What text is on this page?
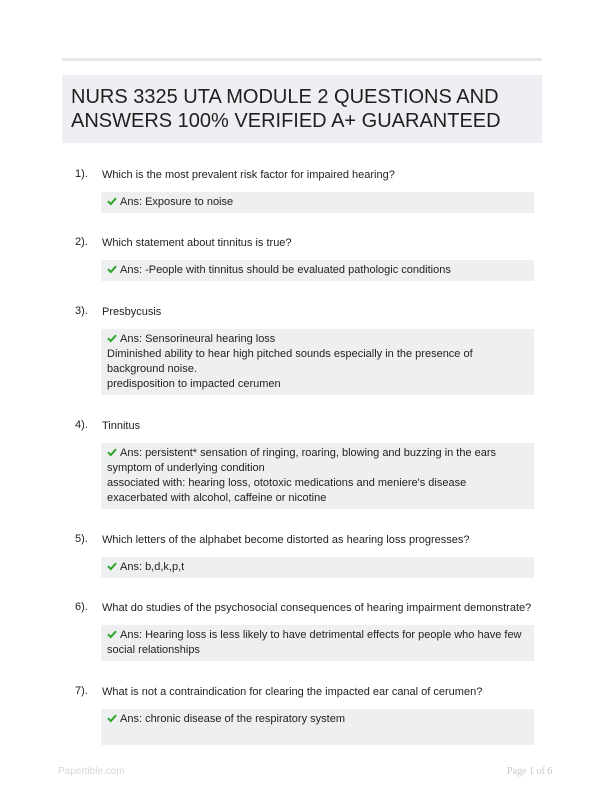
NURS 3325 UTA MODULE 2 QUESTIONS AND ANSWERS 100% VERIFIED A+ GUARANTEED
1). Which is the most prevalent risk factor for impaired hearing?
Ans: Exposure to noise
2). Which statement about tinnitus is true?
Ans: -People with tinnitus should be evaluated pathologic conditions
3). Presbycusis
Ans: Sensorineural hearing loss
Diminished ability to hear high pitched sounds especially in the presence of background noise.
predisposition to impacted cerumen
4). Tinnitus
Ans: persistent* sensation of ringing, roaring, blowing and buzzing in the ears
symptom of underlying condition
associated with: hearing loss, ototoxic medications and meniere's disease
exacerbated with alcohol, caffeine or nicotine
5). Which letters of the alphabet become distorted as hearing loss progresses?
Ans: b,d,k,p,t
6). What do studies of the psychosocial consequences of hearing impairment demonstrate?
Ans: Hearing loss is less likely to have detrimental effects for people who have few social relationships
7). What is not a contraindication for clearing the impacted ear canal of cerumen?
Ans: chronic disease of the respiratory system
Papertible.com	Page 1 of 6
